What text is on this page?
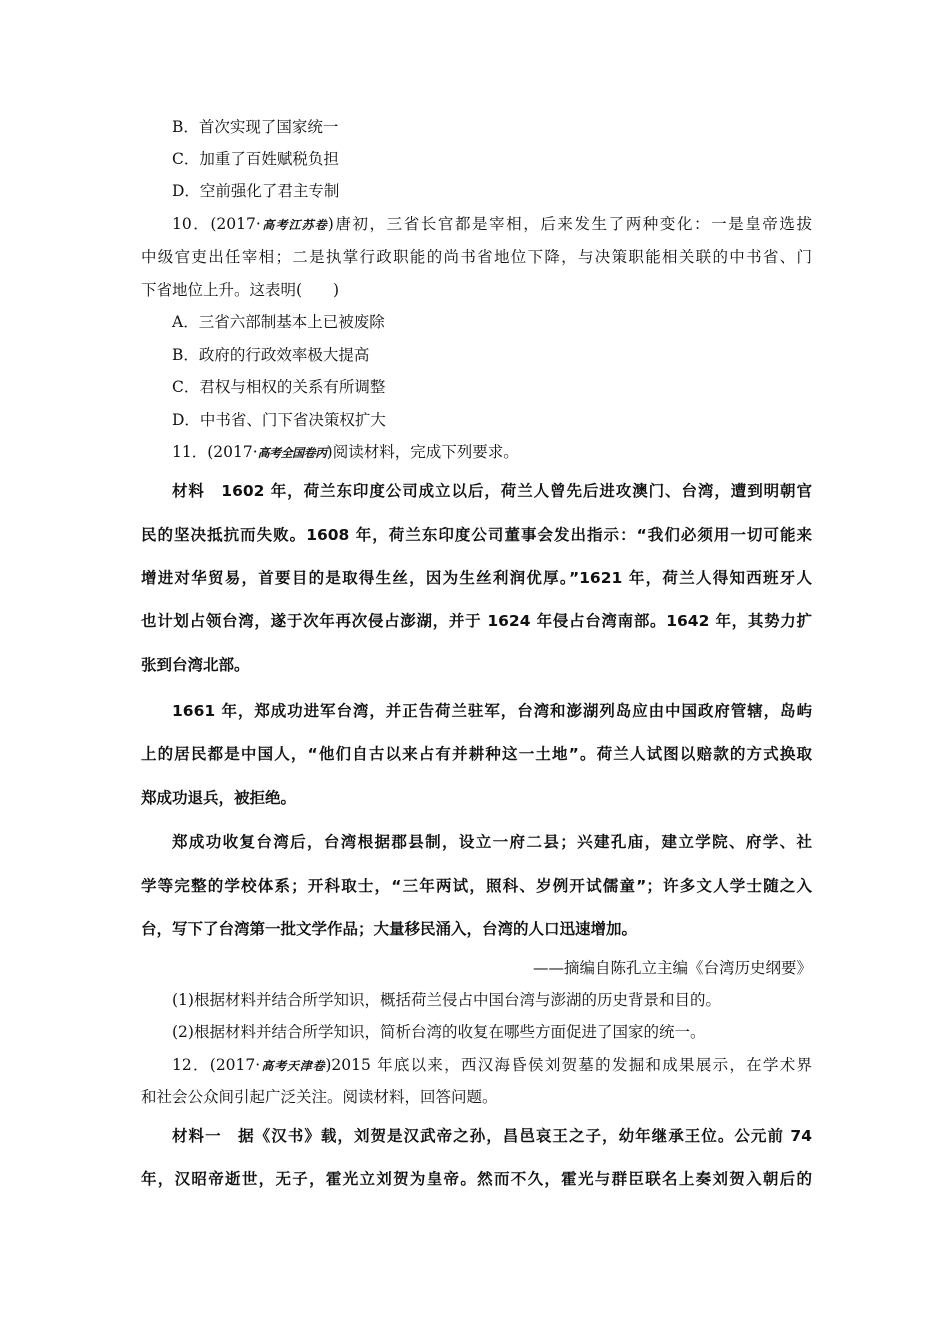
B．首次实现了国家统一
C．加重了百姓赋税负担
D．空前强化了君主专制
10．(2017·高考江苏卷)唐初，三省长官都是宰相，后来发生了两种变化：一是皇帝选拔
中级官吏出任宰相；二是执掌行政职能的尚书省地位下降，与决策职能相关联的中书省、门
下省地位上升。这表明(　　)
A．三省六部制基本上已被废除
B．政府的行政效率极大提高
C．君权与相权的关系有所调整
D．中书省、门下省决策权扩大
11．(2017·高考全国卷丙)阅读材料，完成下列要求。
材料　1602 年，荷兰东印度公司成立以后，荷兰人曾先后进攻澳门、台湾，遭到明朝官
民的坚决抵抗而失败。1608 年，荷兰东印度公司董事会发出指示：“我们必须用一切可能来
增进对华贸易，首要目的是取得生丝，因为生丝利润优厚。”1621 年，荷兰人得知西班牙人
也计划占领台湾，遂于次年再次侵占澎湖，并于 1624 年侵占台湾南部。1642 年，其势力扩
张到台湾北部。
1661 年，郑成功进军台湾，并正告荷兰驻军，台湾和澎湖列岛应由中国政府管辖，岛屿
上的居民都是中国人，“他们自古以来占有并耕种这一土地”。荷兰人试图以赔款的方式换取
郑成功退兵，被拒绝。
郑成功收复台湾后，台湾根据郡县制，设立一府二县；兴建孔庙，建立学院、府学、社
学等完整的学校体系；开科取士，“三年两试，照科、岁例开试儒童”；许多文人学士随之入
台，写下了台湾第一批文学作品；大量移民涌入，台湾的人口迅速增加。
——摘编自陈孔立主编《台湾历史纲要》
(1)根据材料并结合所学知识，概括荷兰侵占中国台湾与澎湖的历史背景和目的。
(2)根据材料并结合所学知识，简析台湾的收复在哪些方面促进了国家的统一。
12．(2017·高考天津卷)2015 年底以来，西汉海昏侯刘贺墓的发掘和成果展示，在学术界
和社会公众间引起广泛关注。阅读材料，回答问题。
材料一　据《汉书》载，刘贺是汉武帝之孙，昌邑哀王之子，幼年继承王位。公元前 74
年，汉昭帝逝世，无子，霍光立刘贺为皇帝。然而不久，霍光与群臣联名上奏刘贺入朝后的
